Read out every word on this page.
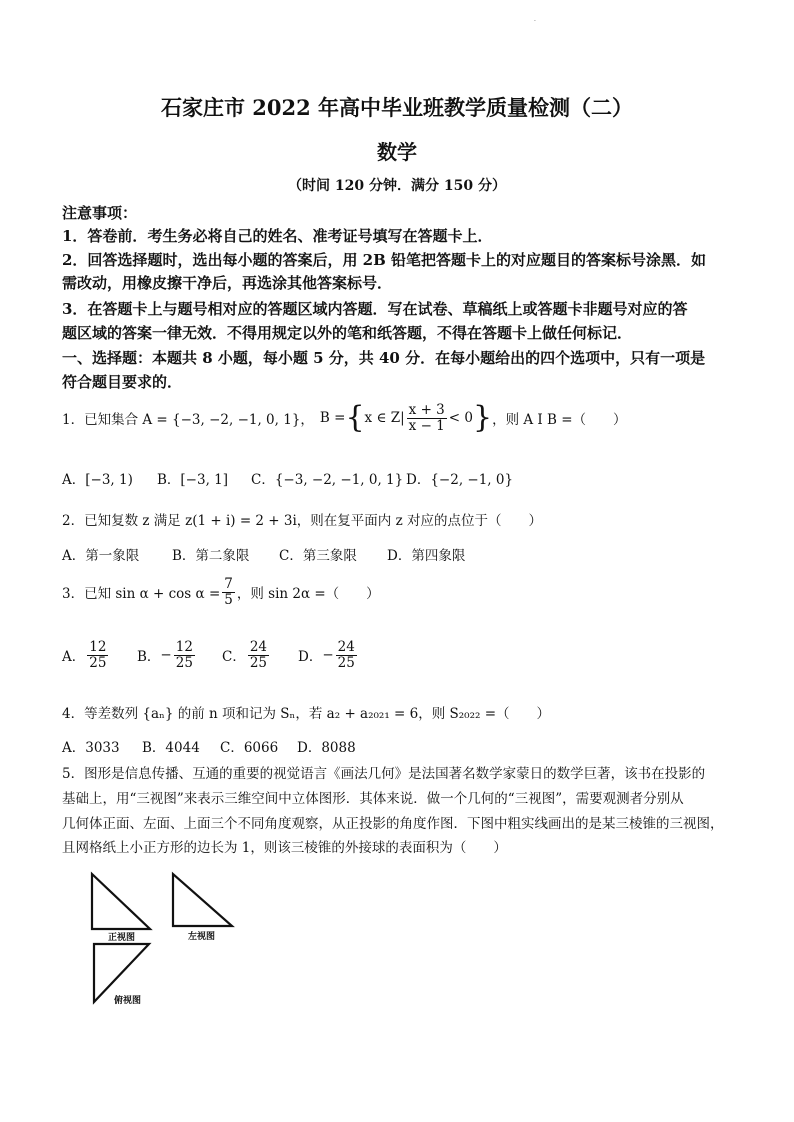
·
石家庄市 2022 年高中毕业班教学质量检测（二）
数学
（时间 120 分钟．满分 150 分）
注意事项：
1．答卷前．考生务必将自己的姓名、准考证号填写在答题卡上．
2．回答选择题时，选出每小题的答案后，用 2B 铅笔把答题卡上的对应题目的答案标号涂黑．如
需改动，用橡皮擦干净后，再选涂其他答案标号．
3．在答题卡上与题号相对应的答题区域内答题．写在试卷、草稿纸上或答题卡非题号对应的答
题区域的答案一律无效．不得用规定以外的笔和纸答题，不得在答题卡上做任何标记．
一、选择题：本题共 8 小题，每小题 5 分，共 40 分．在每小题给出的四个选项中，只有一项是
符合题目要求的．
1．已知集合 A = {−3, −2, −1, 0, 1}， B = { x ∈ $Z| \frac{x + 3}{x - 1} < 0$ } ，则 A I B =（　　）
A．[−3, 1) B．[−3, 1] C．{−3, −2, −1, 0, 1} D．{−2, −1, 0}
2．已知复数 z 满足 z(1 + i) = 2 + 3i，则在复平面内 z 对应的点位于（　　）
A．第一象限 B．第二象限 C．第三象限 D．第四象限
3．已知 $\sin \alpha + \cos \alpha = \frac{7}{5}$ ，则 sin 2α =（　　）
A． $\frac{12}{25}$ B． − $\frac{12}{25}$ C． $\frac{24}{25}$ D． − $\frac{24}{25}$
4．等差数列 {aₙ} 的前 n 项和记为 Sₙ，若 a₂ + a₂₀₂₁ = 6，则 S₂₀₂₂ =（　　）
A．3033 B．4044 C．6066 D．8088
5．图形是信息传播、互通的重要的视觉语言《画法几何》是法国著名数学家蒙日的数学巨著，该书在投影的
基础上，用“三视图”来表示三维空间中立体图形．其体来说．做一个几何的“三视图”，需要观测者分别从
几何体正面、左面、上面三个不同角度观察，从正投影的角度作图．下图中粗实线画出的是某三棱锥的三视图，
且网格纸上小正方形的边长为 1，则该三棱锥的外接球的表面积为（　　）
正视图	左视图
俯视图
